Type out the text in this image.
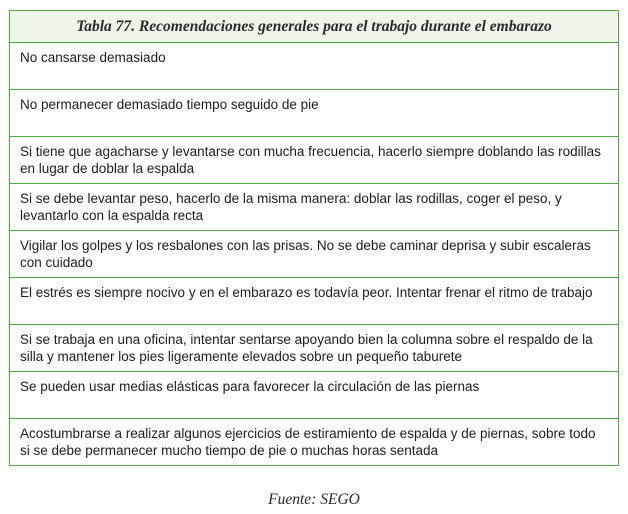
Tabla 77. Recomendaciones generales para el trabajo durante el embarazo
No cansarse demasiado
No permanecer demasiado tiempo seguido de pie
Si tiene que agacharse y levantarse con mucha frecuencia, hacerlo siempre doblando las rodillas en lugar de doblar la espalda
Si se debe levantar peso, hacerlo de la misma manera: doblar las rodillas, coger el peso, y levantarlo con la espalda recta
Vigilar los golpes y los resbalones con las prisas. No se debe caminar deprisa y subir escaleras con cuidado
El estrés es siempre nocivo y en el embarazo es todavía peor. Intentar frenar el ritmo de trabajo
Si se trabaja en una oficina, intentar sentarse apoyando bien la columna sobre el respaldo de la silla y mantener los pies ligeramente elevados sobre un pequeño taburete
Se pueden usar medias elásticas para favorecer la circulación de las piernas
Acostumbrarse a realizar algunos ejercicios de estiramiento de espalda y de piernas, sobre todo si se debe permanecer mucho tiempo de pie o muchas horas sentada
Fuente: SEGO
